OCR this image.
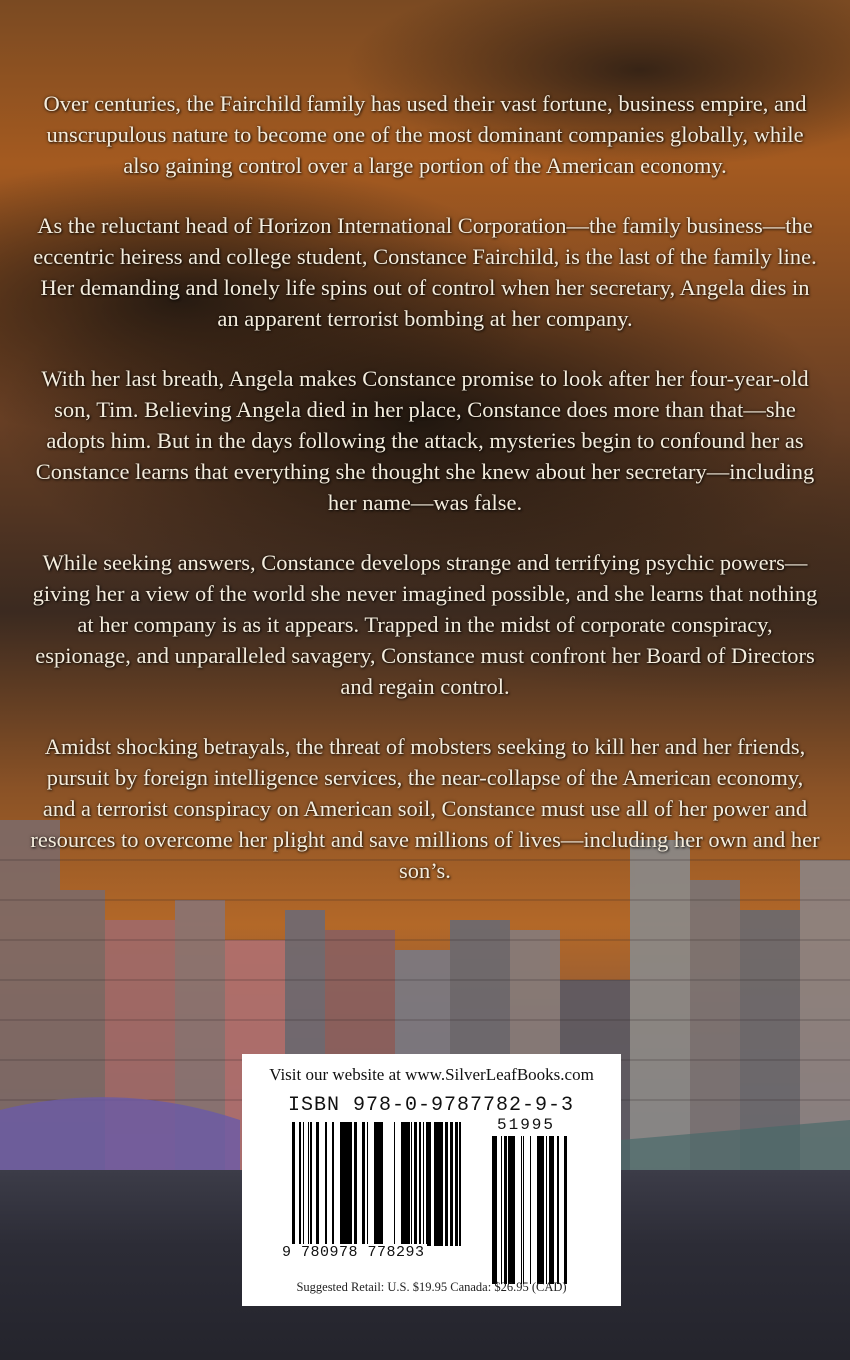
Over centuries, the Fairchild family has used their vast fortune, business empire, and unscrupulous nature to become one of the most dominant companies globally, while also gaining control over a large portion of the American economy.

As the reluctant head of Horizon International Corporation—the family business—the eccentric heiress and college student, Constance Fairchild, is the last of the family line. Her demanding and lonely life spins out of control when her secretary, Angela dies in an apparent terrorist bombing at her company.

With her last breath, Angela makes Constance promise to look after her four-year-old son, Tim. Believing Angela died in her place, Constance does more than that—she adopts him. But in the days following the attack, mysteries begin to confound her as Constance learns that everything she thought she knew about her secretary—including her name—was false.

While seeking answers, Constance develops strange and terrifying psychic powers—giving her a view of the world she never imagined possible, and she learns that nothing at her company is as it appears. Trapped in the midst of corporate conspiracy, espionage, and unparalleled savagery, Constance must confront her Board of Directors and regain control.

Amidst shocking betrayals, the threat of mobsters seeking to kill her and her friends, pursuit by foreign intelligence services, the near-collapse of the American economy, and a terrorist conspiracy on American soil, Constance must use all of her power and resources to overcome her plight and save millions of lives—including her own and her son’s.

Visit our website at www.SilverLeafBooks.com
ISBN 978-0-9787782-9-3
51995
9 780978 778293
Suggested Retail: U.S. $19.95 Canada: $26.95 (CAD)
